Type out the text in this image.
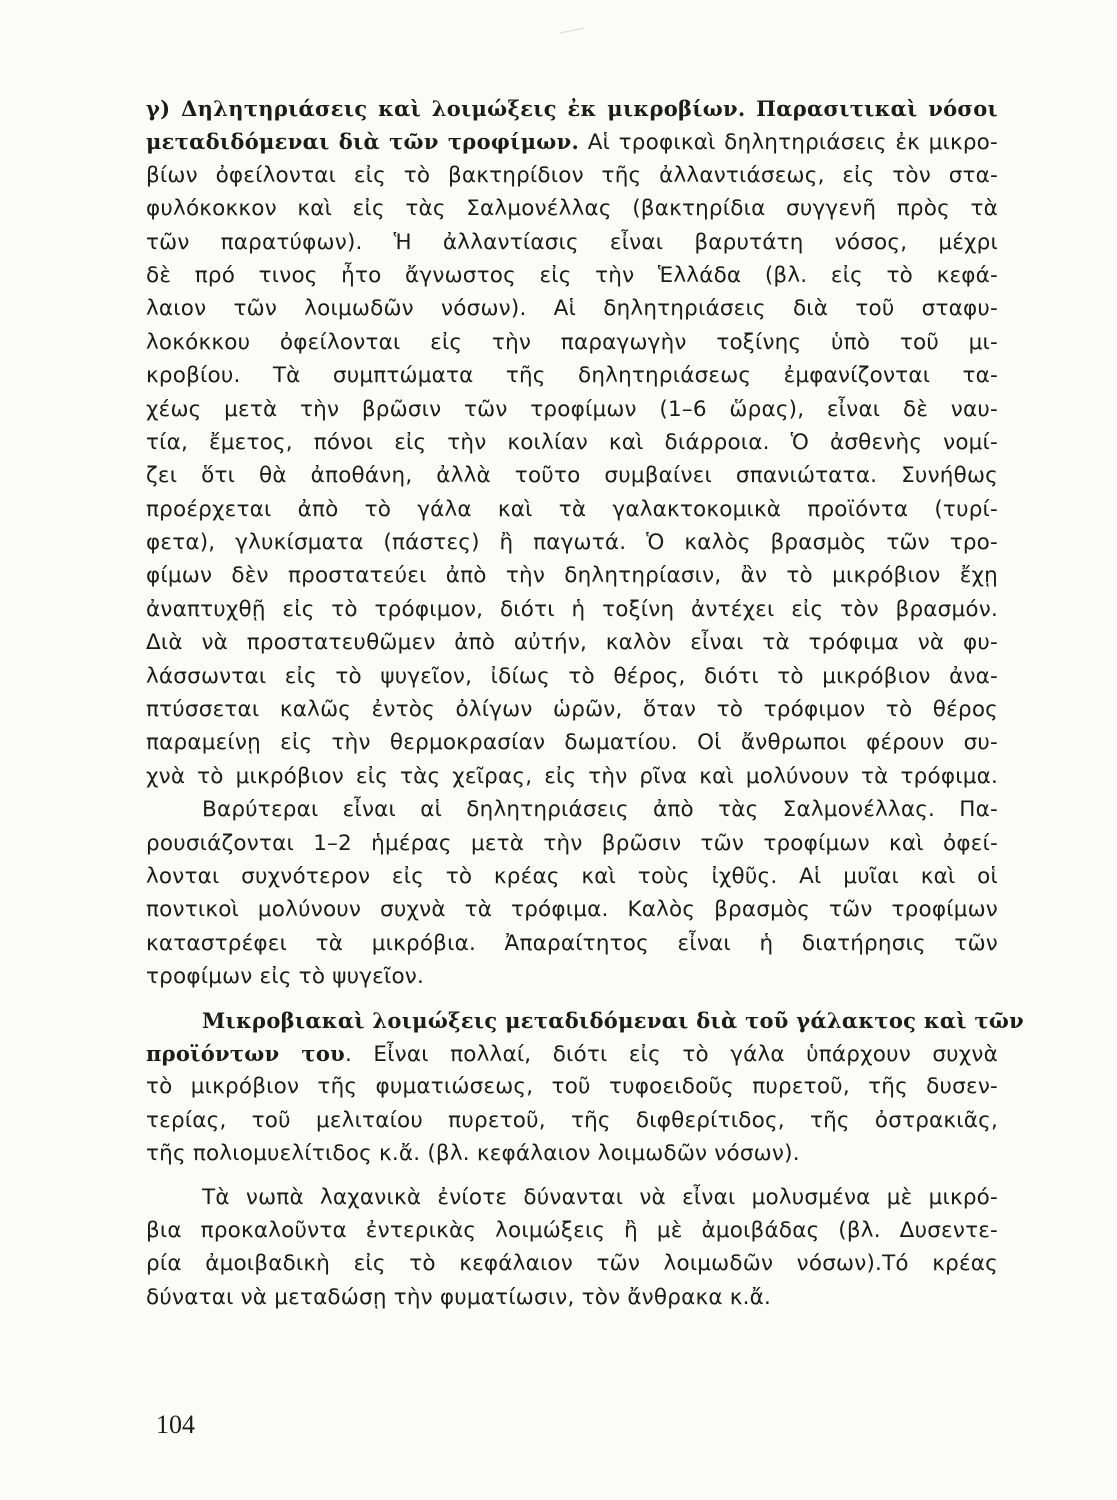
γ) Δηλητηριάσεις καὶ λοιμώξεις ἐκ μικροβίων. Παρασιτικαὶ νόσοι
μεταδιδόμεναι διὰ τῶν τροφίμων. Αἱ τροφικαὶ δηλητηριάσεις ἐκ μικρο-
βίων ὀφείλονται εἰς τὸ βακτηρίδιον τῆς ἀλλαντιάσεως, εἰς τὸν στα-
φυλόκοκκον καὶ εἰς τὰς Σαλμονέλλας (βακτηρίδια συγγενῆ πρὸς τὰ
τῶν παρατύφων). Ἡ ἀλλαντίασις εἶναι βαρυτάτη νόσος, μέχρι
δὲ πρό τινος ἦτο ἄγνωστος εἰς τὴν Ἑλλάδα (βλ. εἰς τὸ κεφά-
λαιον τῶν λοιμωδῶν νόσων). Αἱ δηλητηριάσεις διὰ τοῦ σταφυ-
λοκόκκου ὀφείλονται εἰς τὴν παραγωγὴν τοξίνης ὑπὸ τοῦ μι-
κροβίου. Τὰ συμπτώματα τῆς δηλητηριάσεως ἐμφανίζονται τα-
χέως μετὰ τὴν βρῶσιν τῶν τροφίμων (1–6 ὥρας), εἶναι δὲ ναυ-
τία, ἔμετος, πόνοι εἰς τὴν κοιλίαν καὶ διάρροια. Ὁ ἀσθενὴς νομί-
ζει ὅτι θὰ ἀποθάνη, ἀλλὰ τοῦτο συμβαίνει σπανιώτατα. Συνήθως
προέρχεται ἀπὸ τὸ γάλα καὶ τὰ γαλακτοκομικὰ προϊόντα (τυρί-
φετα), γλυκίσματα (πάστες) ἢ παγωτά. Ὁ καλὸς βρασμὸς τῶν τρο-
φίμων δὲν προστατεύει ἀπὸ τὴν δηλητηρίασιν, ἂν τὸ μικρόβιον ἔχῃ
ἀναπτυχθῇ εἰς τὸ τρόφιμον, διότι ἡ τοξίνη ἀντέχει εἰς τὸν βρασμόν.
Διὰ νὰ προστατευθῶμεν ἀπὸ αὐτήν, καλὸν εἶναι τὰ τρόφιμα νὰ φυ-
λάσσωνται εἰς τὸ ψυγεῖον, ἰδίως τὸ θέρος, διότι τὸ μικρόβιον ἀνα-
πτύσσεται καλῶς ἐντὸς ὀλίγων ὡρῶν, ὅταν τὸ τρόφιμον τὸ θέρος
παραμείνῃ εἰς τὴν θερμοκρασίαν δωματίου. Οἱ ἄνθρωποι φέρουν συ-
χνὰ τὸ μικρόβιον εἰς τὰς χεῖρας, εἰς τὴν ρῖνα καὶ μολύνουν τὰ τρόφιμα.
Βαρύτεραι εἶναι αἱ δηλητηριάσεις ἀπὸ τὰς Σαλμονέλλας. Πα-
ρουσιάζονται 1–2 ἡμέρας μετὰ τὴν βρῶσιν τῶν τροφίμων καὶ ὀφεί-
λονται συχνότερον εἰς τὸ κρέας καὶ τοὺς ἰχθῦς. Αἱ μυῖαι καὶ οἱ
ποντικοὶ μολύνουν συχνὰ τὰ τρόφιμα. Καλὸς βρασμὸς τῶν τροφίμων
καταστρέφει τὰ μικρόβια. Ἀπαραίτητος εἶναι ἡ διατήρησις τῶν
τροφίμων εἰς τὸ ψυγεῖον.
Μικροβιακαὶ λοιμώξεις μεταδιδόμεναι διὰ τοῦ γάλακτος καὶ τῶν
προϊόντων του. Εἶναι πολλαί, διότι εἰς τὸ γάλα ὑπάρχουν συχνὰ
τὸ μικρόβιον τῆς φυματιώσεως, τοῦ τυφοειδοῦς πυρετοῦ, τῆς δυσεν-
τερίας, τοῦ μελιταίου πυρετοῦ, τῆς διφθερίτιδος, τῆς ὀστρακιᾶς,
τῆς πολιομυελίτιδος κ.ἄ. (βλ. κεφάλαιον λοιμωδῶν νόσων).
Τὰ νωπὰ λαχανικὰ ἐνίοτε δύνανται νὰ εἶναι μολυσμένα μὲ μικρό-
βια προκαλοῦντα ἐντερικὰς λοιμώξεις ἢ μὲ ἀμοιβάδας (βλ. Δυσεντε-
ρία ἀμοιβαδικὴ εἰς τὸ κεφάλαιον τῶν λοιμωδῶν νόσων).Τό κρέας
δύναται νὰ μεταδώσῃ τὴν φυματίωσιν, τὸν ἄνθρακα κ.ἄ.
104
